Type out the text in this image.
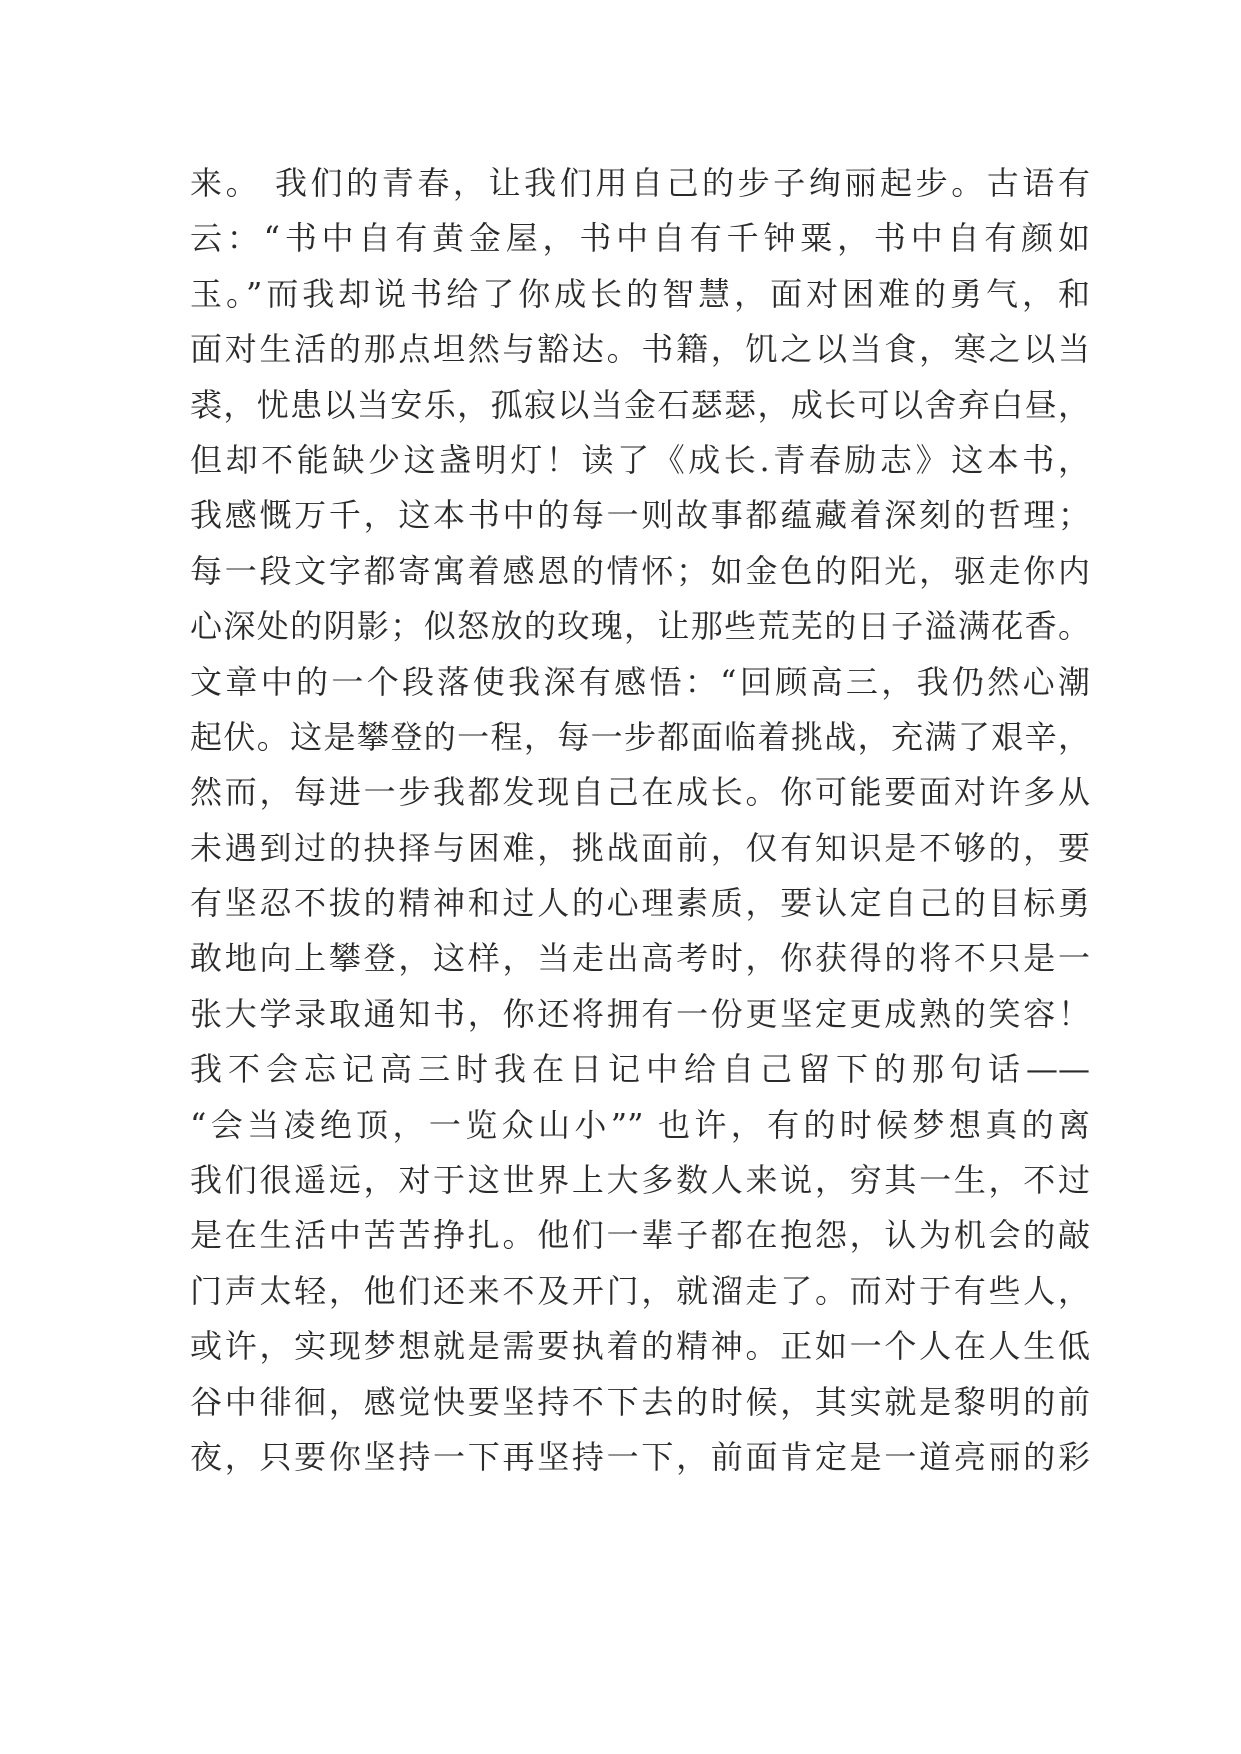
来。 我们的青春，让我们用自己的步子绚丽起步。古语有
云：“书中自有黄金屋，书中自有千钟粟，书中自有颜如
玉。”而我却说书给了你成长的智慧，面对困难的勇气，和
面对生活的那点坦然与豁达。书籍，饥之以当食，寒之以当
裘，忧患以当安乐，孤寂以当金石瑟瑟，成长可以舍弃白昼，
但却不能缺少这盏明灯！读了《成长.青春励志》这本书，
我感慨万千，这本书中的每一则故事都蕴藏着深刻的哲理；
每一段文字都寄寓着感恩的情怀；如金色的阳光，驱走你内
心深处的阴影；似怒放的玫瑰，让那些荒芜的日子溢满花香。
文章中的一个段落使我深有感悟：“回顾高三，我仍然心潮
起伏。这是攀登的一程，每一步都面临着挑战，充满了艰辛，
然而，每进一步我都发现自己在成长。你可能要面对许多从
未遇到过的抉择与困难，挑战面前，仅有知识是不够的，要
有坚忍不拔的精神和过人的心理素质，要认定自己的目标勇
敢地向上攀登，这样，当走出高考时，你获得的将不只是一
张大学录取通知书，你还将拥有一份更坚定更成熟的笑容！
我不会忘记高三时我在日记中给自己留下的那句话——
“会当凌绝顶，一览众山小”” 也许，有的时候梦想真的离
我们很遥远，对于这世界上大多数人来说，穷其一生，不过
是在生活中苦苦挣扎。他们一辈子都在抱怨，认为机会的敲
门声太轻，他们还来不及开门，就溜走了。而对于有些人，
或许，实现梦想就是需要执着的精神。正如一个人在人生低
谷中徘徊，感觉快要坚持不下去的时候，其实就是黎明的前
夜，只要你坚持一下再坚持一下，前面肯定是一道亮丽的彩
